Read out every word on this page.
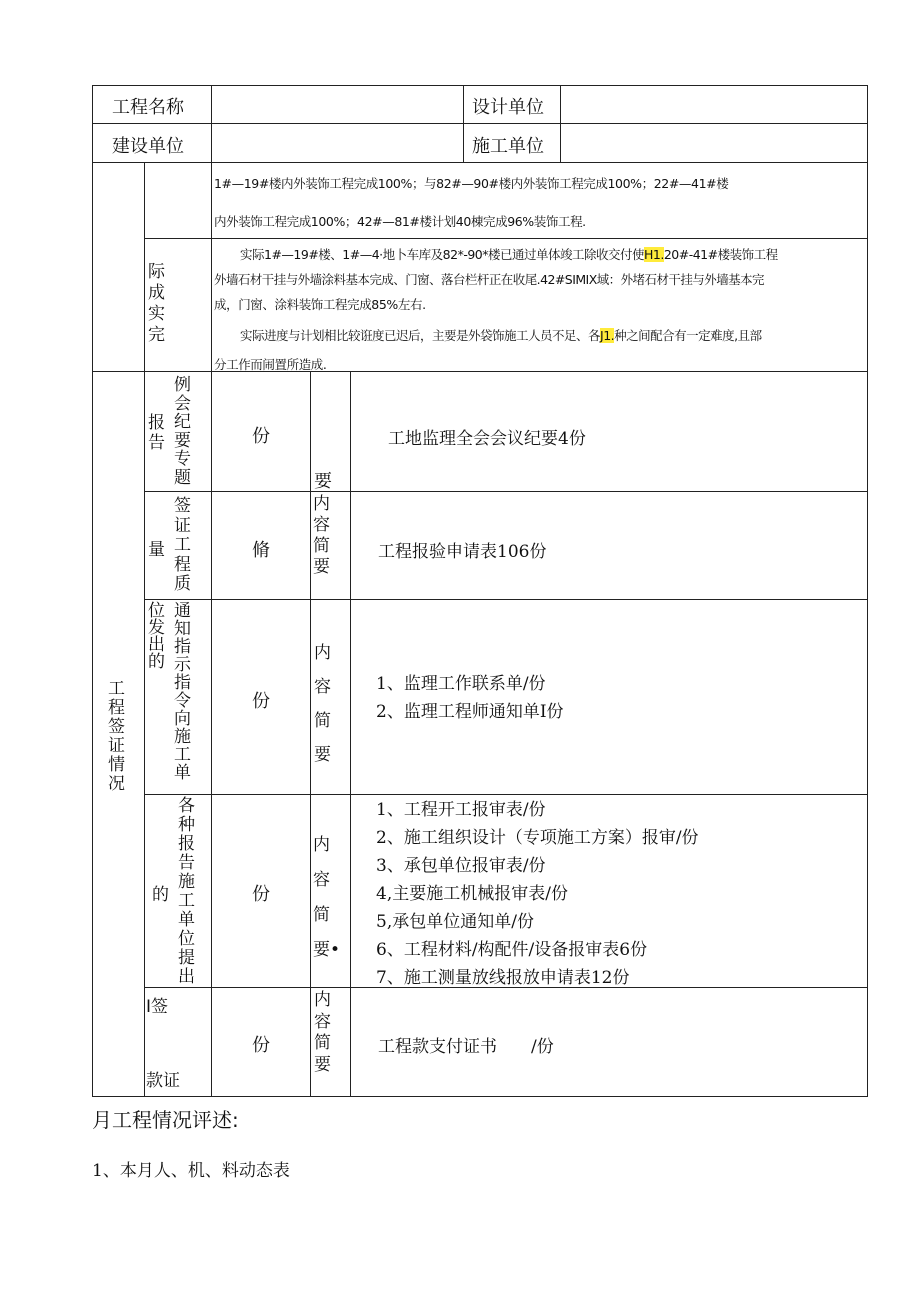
工程名称	设计单位
建设单位	施工单位
1#—19#楼内外装饰工程完成100%；与82#—90#楼内外装饰工程完成100%；22#—41#楼
内外装饰工程完成100%；42#—81#楼计划40棟完成96%装饰工程.
际成实完
实际1#—19#楼、1#—4·地卜车库及82*-90*楼已通过单体竣工除收交付使H1.20#-41#楼装饰工程
外墙石材干挂与外墙涂料基本完成、门窗、落台栏杆正在收尾.42#SIMIX域：外堵石材干挂与外墙基本完
成，门窗、涂料装饰工程完成85%左右.
实际进度与计划相比较诳度已迟后，主要是外袋饰施工人员不足、各J1.种之间配合有一定难度,且部
分工作而闹置所造成.
工程签证情况
报告
例会纪要专题
份
要
工地监理全会会议纪要4份
量
签证工程质
脩
内容简要
工程报验申请表106份
位发出的
通知指示指令向施工单
份
内容简要
1、监理工作联系单/份
2、监理工程师通知单I份
的
各种报告施工单位提出
份
内容简要•
1、工程开工报审表/份
2、施工组织设计（专项施工方案）报审/份
3、承包单位报审表/份
4,主要施工机械报审表/份
5,承包单位通知单/份
6、工程材料/构配件/设备报审表6份
7、施工测量放线报放申请表12份
I签
款证
份
内容简要
工程款支付证书　　/份
月工程情况评述:
1、本月人、机、料动态表
